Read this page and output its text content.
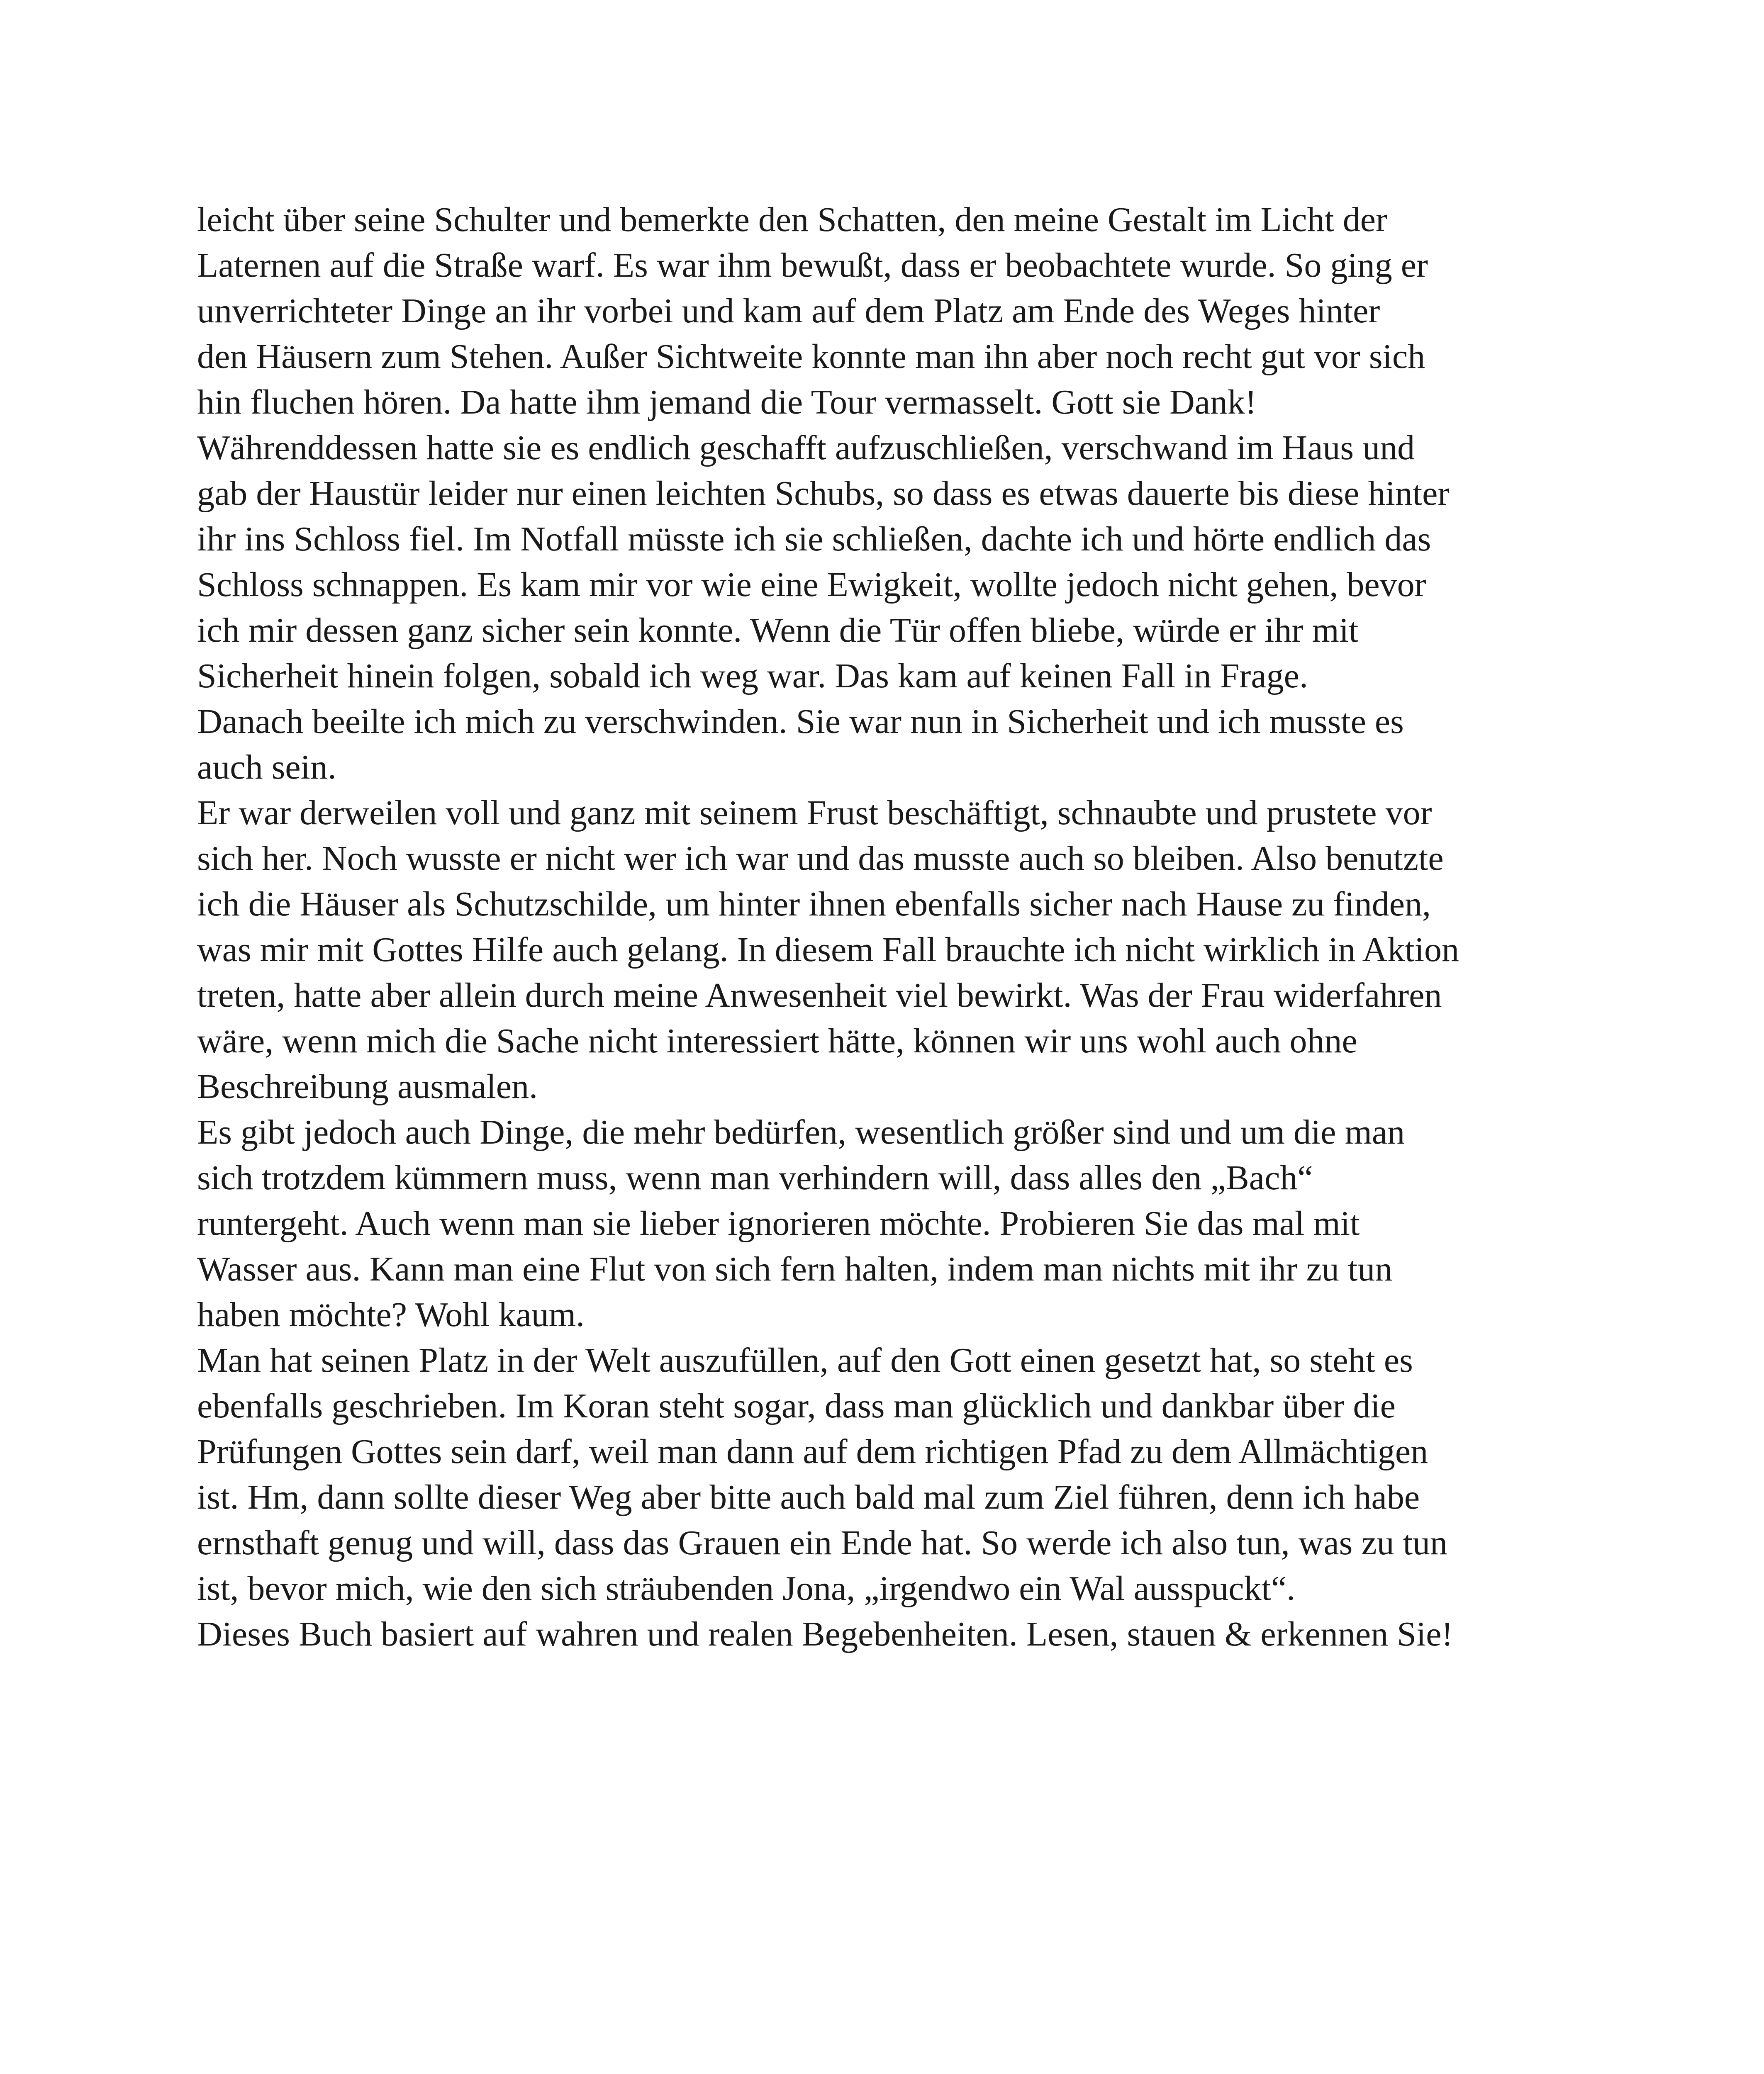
leicht über seine Schulter und bemerkte den Schatten, den meine Gestalt im Licht der
Laternen auf die Straße warf. Es war ihm bewußt, dass er beobachtete wurde. So ging er
unverrichteter Dinge an ihr vorbei und kam auf dem Platz am Ende des Weges hinter
den Häusern zum Stehen. Außer Sichtweite konnte man ihn aber noch recht gut vor sich
hin fluchen hören. Da hatte ihm jemand die Tour vermasselt. Gott sie Dank!
Währenddessen hatte sie es endlich geschafft aufzuschließen, verschwand im Haus und
gab der Haustür leider nur einen leichten Schubs, so dass es etwas dauerte bis diese hinter
ihr ins Schloss fiel. Im Notfall müsste ich sie schließen, dachte ich und hörte endlich das
Schloss schnappen. Es kam mir vor wie eine Ewigkeit, wollte jedoch nicht gehen, bevor
ich mir dessen ganz sicher sein konnte. Wenn die Tür offen bliebe, würde er ihr mit
Sicherheit hinein folgen, sobald ich weg war. Das kam auf keinen Fall in Frage.
Danach beeilte ich mich zu verschwinden. Sie war nun in Sicherheit und ich musste es
auch sein.
Er war derweilen voll und ganz mit seinem Frust beschäftigt, schnaubte und prustete vor
sich her. Noch wusste er nicht wer ich war und das musste auch so bleiben. Also benutzte
ich die Häuser als Schutzschilde, um hinter ihnen ebenfalls sicher nach Hause zu finden,
was mir mit Gottes Hilfe auch gelang. In diesem Fall brauchte ich nicht wirklich in Aktion
treten, hatte aber allein durch meine Anwesenheit viel bewirkt. Was der Frau widerfahren
wäre, wenn mich die Sache nicht interessiert hätte, können wir uns wohl auch ohne
Beschreibung ausmalen.
Es gibt jedoch auch Dinge, die mehr bedürfen, wesentlich größer sind und um die man
sich trotzdem kümmern muss, wenn man verhindern will, dass alles den „Bach“
runtergeht. Auch wenn man sie lieber ignorieren möchte. Probieren Sie das mal mit
Wasser aus. Kann man eine Flut von sich fern halten, indem man nichts mit ihr zu tun
haben möchte? Wohl kaum.
Man hat seinen Platz in der Welt auszufüllen, auf den Gott einen gesetzt hat, so steht es
ebenfalls geschrieben. Im Koran steht sogar, dass man glücklich und dankbar über die
Prüfungen Gottes sein darf, weil man dann auf dem richtigen Pfad zu dem Allmächtigen
ist. Hm, dann sollte dieser Weg aber bitte auch bald mal zum Ziel führen, denn ich habe
ernsthaft genug und will, dass das Grauen ein Ende hat. So werde ich also tun, was zu tun
ist, bevor mich, wie den sich sträubenden Jona, „irgendwo ein Wal ausspuckt“.
Dieses Buch basiert auf wahren und realen Begebenheiten. Lesen, stauen & erkennen Sie!
